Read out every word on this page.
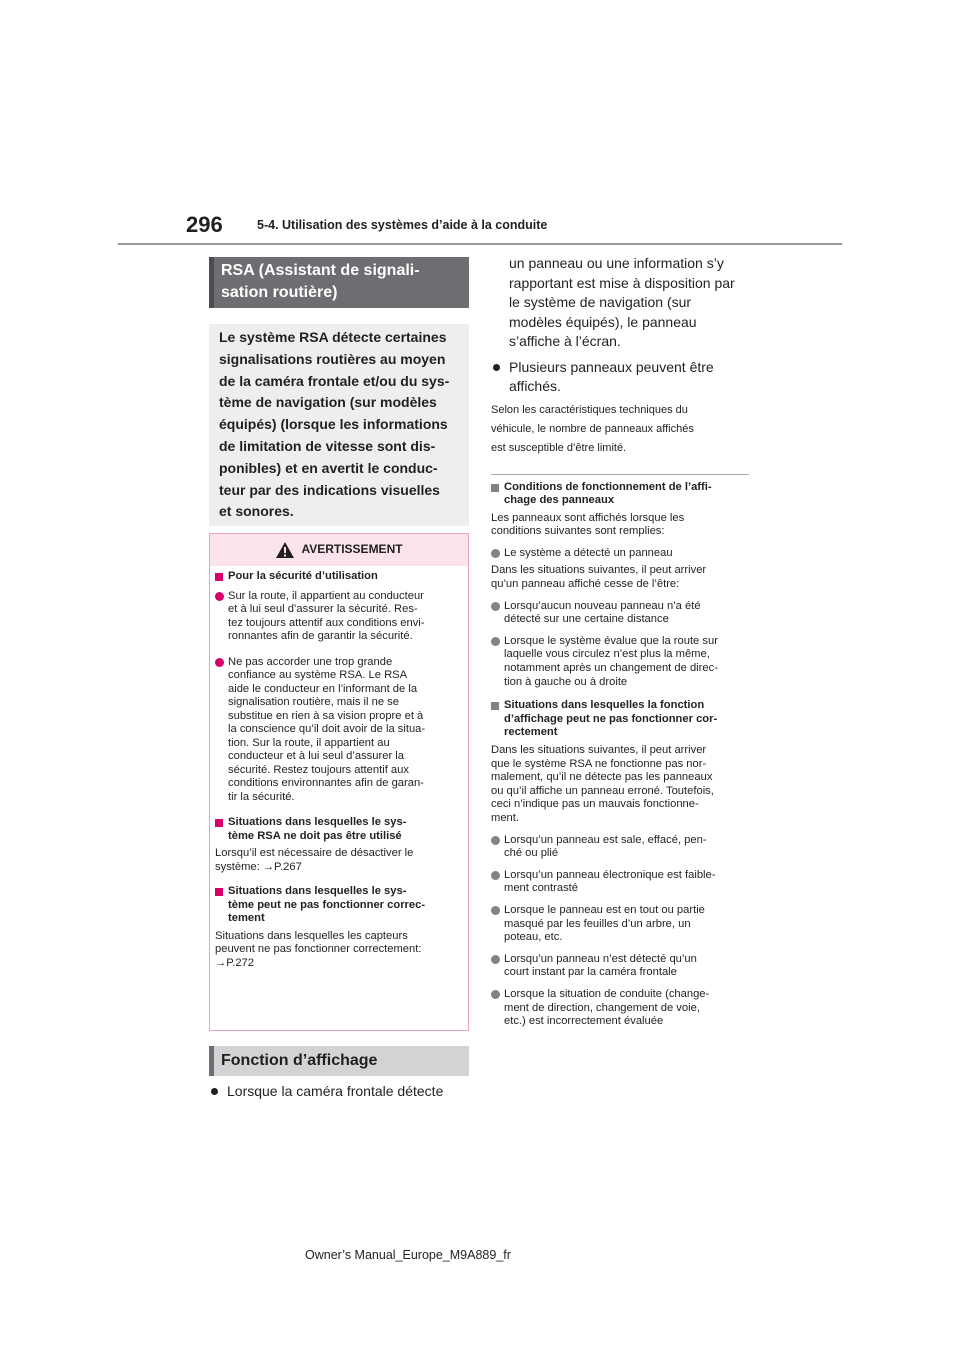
296	5-4. Utilisation des systèmes d’aide à la conduite
RSA (Assistant de signali-
sation routière)
Le système RSA détecte certaines
signalisations routières au moyen
de la caméra frontale et/ou du sys-
tème de navigation (sur modèles
équipés) (lorsque les informations
de limitation de vitesse sont dis-
ponibles) et en avertit le conduc-
teur par des indications visuelles
et sonores.
AVERTISSEMENT
Pour la sécurité d’utilisation
Sur la route, il appartient au conducteur
et à lui seul d’assurer la sécurité. Res-
tez toujours attentif aux conditions envi-
ronnantes afin de garantir la sécurité.
Ne pas accorder une trop grande
confiance au système RSA. Le RSA
aide le conducteur en l’informant de la
signalisation routière, mais il ne se
substitue en rien à sa vision propre et à
la conscience qu’il doit avoir de la situa-
tion. Sur la route, il appartient au
conducteur et à lui seul d’assurer la
sécurité. Restez toujours attentif aux
conditions environnantes afin de garan-
tir la sécurité.
Situations dans lesquelles le sys-
tème RSA ne doit pas être utilisé
Lorsqu’il est nécessaire de désactiver le
système: →P.267
Situations dans lesquelles le sys-
tème peut ne pas fonctionner correc-
tement
Situations dans lesquelles les capteurs
peuvent ne pas fonctionner correctement:
→P.272
Fonction d’affichage
Lorsque la caméra frontale détecte
un panneau ou une information s’y
rapportant est mise à disposition par
le système de navigation (sur
modèles équipés), le panneau
s’affiche à l’écran.
Plusieurs panneaux peuvent être
affichés.
Selon les caractéristiques techniques du
véhicule, le nombre de panneaux affichés
est susceptible d’être limité.
Conditions de fonctionnement de l’affi-
chage des panneaux
Les panneaux sont affichés lorsque les
conditions suivantes sont remplies:
Le système a détecté un panneau
Dans les situations suivantes, il peut arriver
qu’un panneau affiché cesse de l’être:
Lorsqu’aucun nouveau panneau n’a été
détecté sur une certaine distance
Lorsque le système évalue que la route sur
laquelle vous circulez n’est plus la même,
notamment après un changement de direc-
tion à gauche ou à droite
Situations dans lesquelles la fonction
d’affichage peut ne pas fonctionner cor-
rectement
Dans les situations suivantes, il peut arriver
que le système RSA ne fonctionne pas nor-
malement, qu’il ne détecte pas les panneaux
ou qu’il affiche un panneau erroné. Toutefois,
ceci n’indique pas un mauvais fonctionne-
ment.
Lorsqu’un panneau est sale, effacé, pen-
ché ou plié
Lorsqu’un panneau électronique est faible-
ment contrasté
Lorsque le panneau est en tout ou partie
masqué par les feuilles d’un arbre, un
poteau, etc.
Lorsqu’un panneau n’est détecté qu’un
court instant par la caméra frontale
Lorsque la situation de conduite (change-
ment de direction, changement de voie,
etc.) est incorrectement évaluée
Owner’s Manual_Europe_M9A889_fr
